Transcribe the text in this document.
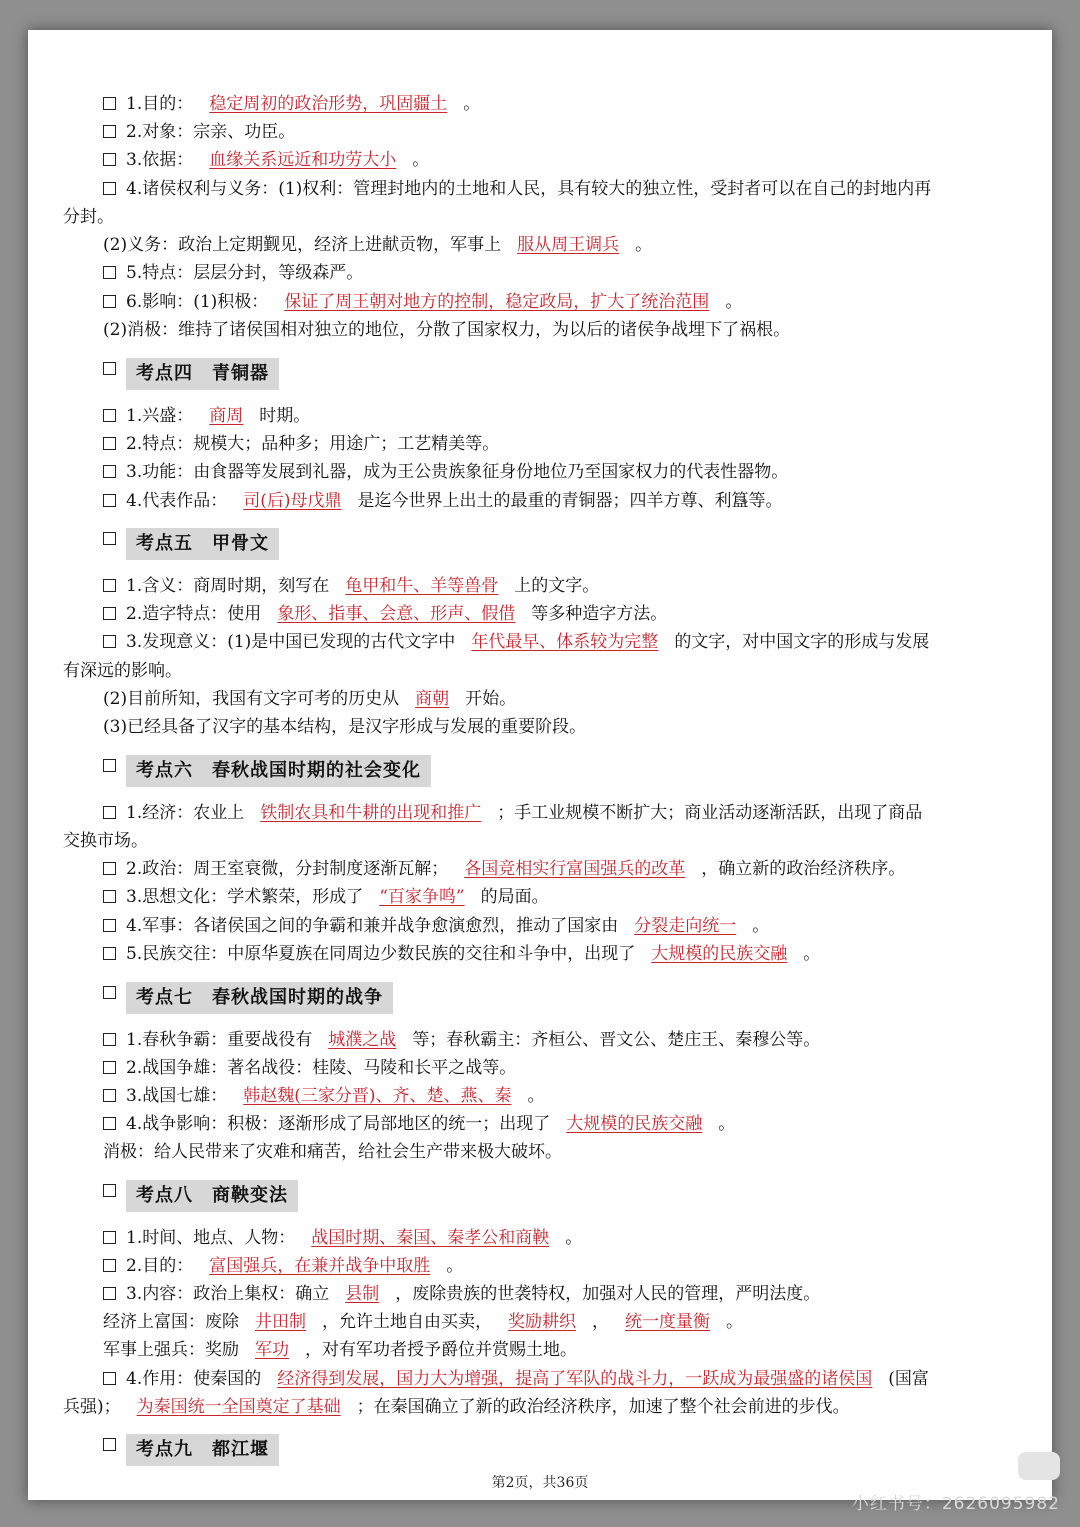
1.目的： 稳定周初的政治形势，巩固疆土 。
2.对象：宗亲、功臣。
3.依据： 血缘关系远近和功劳大小 。
4.诸侯权利与义务：(1)权利：管理封地内的土地和人民，具有较大的独立性，受封者可以在自己的封地内再
分封。
(2)义务：政治上定期觐见，经济上进献贡物，军事上 服从周王调兵 。
5.特点：层层分封，等级森严。
6.影响：(1)积极： 保证了周王朝对地方的控制，稳定政局，扩大了统治范围 。
(2)消极：维持了诸侯国相对独立的地位，分散了国家权力，为以后的诸侯争战埋下了祸根。
考点四　青铜器
1.兴盛： 商周 时期。
2.特点：规模大；品种多；用途广；工艺精美等。
3.功能：由食器等发展到礼器，成为王公贵族象征身份地位乃至国家权力的代表性器物。
4.代表作品： 司(后)母戊鼎 是迄今世界上出土的最重的青铜器；四羊方尊、利簋等。
考点五　甲骨文
1.含义：商周时期，刻写在 龟甲和牛、羊等兽骨 上的文字。
2.造字特点：使用 象形、指事、会意、形声、假借 等多种造字方法。
3.发现意义：(1)是中国已发现的古代文字中 年代最早、体系较为完整 的文字，对中国文字的形成与发展
有深远的影响。
(2)目前所知，我国有文字可考的历史从 商朝 开始。
(3)已经具备了汉字的基本结构，是汉字形成与发展的重要阶段。
考点六　春秋战国时期的社会变化
1.经济：农业上 铁制农具和牛耕的出现和推广 ；手工业规模不断扩大；商业活动逐渐活跃，出现了商品
交换市场。
2.政治：周王室衰微，分封制度逐渐瓦解； 各国竞相实行富国强兵的改革 ，确立新的政治经济秩序。
3.思想文化：学术繁荣，形成了 “百家争鸣” 的局面。
4.军事：各诸侯国之间的争霸和兼并战争愈演愈烈，推动了国家由 分裂走向统一 。
5.民族交往：中原华夏族在同周边少数民族的交往和斗争中，出现了 大规模的民族交融 。
考点七　春秋战国时期的战争
1.春秋争霸：重要战役有 城濮之战 等；春秋霸主：齐桓公、晋文公、楚庄王、秦穆公等。
2.战国争雄：著名战役：桂陵、马陵和长平之战等。
3.战国七雄： 韩赵魏(三家分晋)、齐、楚、燕、秦 。
4.战争影响：积极：逐渐形成了局部地区的统一；出现了 大规模的民族交融 。
消极：给人民带来了灾难和痛苦，给社会生产带来极大破坏。
考点八　商鞅变法
1.时间、地点、人物： 战国时期、秦国、秦孝公和商鞅 。
2.目的： 富国强兵，在兼并战争中取胜 。
3.内容：政治上集权：确立 县制 ，废除贵族的世袭特权，加强对人民的管理，严明法度。
经济上富国：废除 井田制 ，允许土地自由买卖， 奖励耕织 ， 统一度量衡 。
军事上强兵：奖励 军功 ，对有军功者授予爵位并赏赐土地。
4.作用：使秦国的 经济得到发展，国力大为增强，提高了军队的战斗力，一跃成为最强盛的诸侯国 (国富
兵强)； 为秦国统一全国奠定了基础 ；在秦国确立了新的政治经济秩序，加速了整个社会前进的步伐。
考点九　都江堰
第2页，共36页
小红书号：2626095982
